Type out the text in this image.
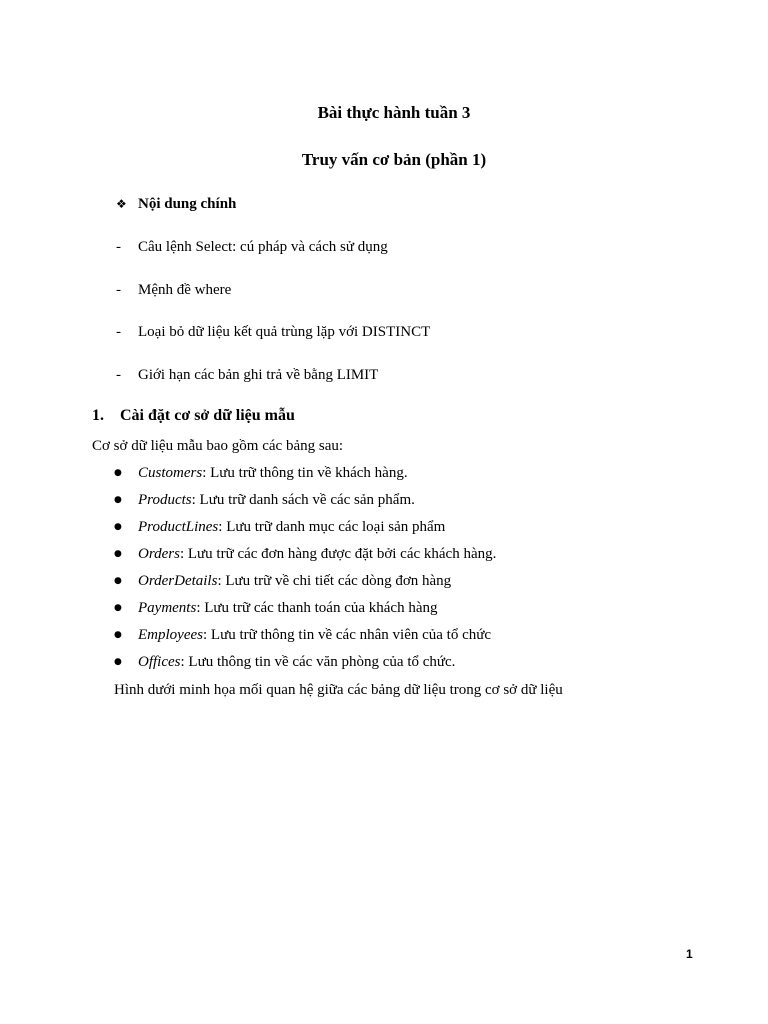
Bài thực hành tuần 3
Truy vấn cơ bản (phần 1)
❖ Nội dung chính
- Câu lệnh Select: cú pháp và cách sử dụng
- Mệnh đề where
- Loại bỏ dữ liệu kết quả trùng lặp với DISTINCT
- Giới hạn các bản ghi trả về bằng LIMIT
1. Cài đặt cơ sở dữ liệu mẫu
Cơ sở dữ liệu mẫu bao gồm các bảng sau:
● Customers: Lưu trữ thông tin về khách hàng.
● Products: Lưu trữ danh sách về các sản phẩm.
● ProductLines: Lưu trữ danh mục các loại sản phẩm
● Orders: Lưu trữ các đơn hàng được đặt bởi các khách hàng.
● OrderDetails: Lưu trữ về chi tiết các dòng đơn hàng
● Payments: Lưu trữ các thanh toán của khách hàng
● Employees: Lưu trữ thông tin về các nhân viên của tổ chức
● Offices: Lưu thông tin về các văn phòng của tổ chức.
Hình dưới minh họa mối quan hệ giữa các bảng dữ liệu trong cơ sở dữ liệu
1
